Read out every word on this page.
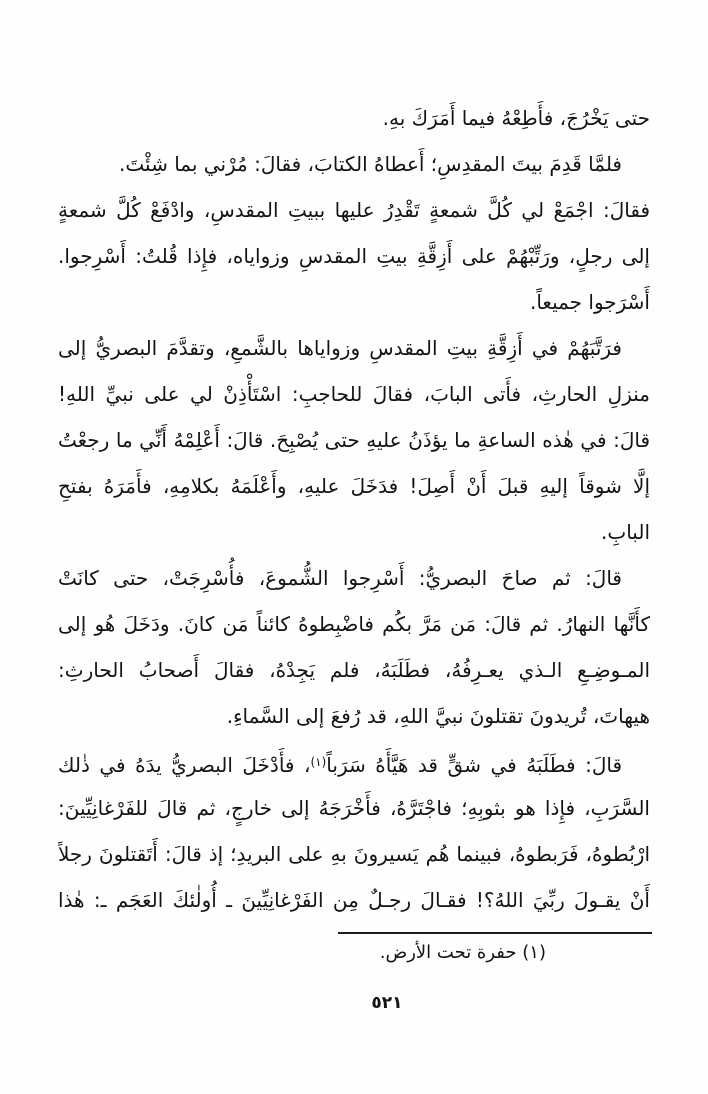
حتى يَخْرُجَ، فأَطِعْهُ فيما أَمَرَكَ بهِ.
فلمَّا قَدِمَ بيتَ المقدِسِ؛ أَعطاهُ الكتابَ، فقالَ: مُرْني بما شِئْتَ.
فقالَ: اجْمَعْ لي كُلَّ شمعةٍ تَقْدِرُ عليها ببيتِ المقدسِ، وادْفَعْ كُلَّ شمعةٍ
إلى رجلٍ، ورَتِّبْهُمْ على أَزِقَّةِ بيتِ المقدسِ وزواياه، فإِذا قُلتُ: أَسْرِجوا.
أَسْرَجوا جميعاً.
فرَتَّبَهُمْ في أَزِقَّةِ بيتِ المقدسِ وزواياها بالشَّمعِ، وتقدَّمَ البصريُّ إلى
منزلِ الحارثِ، فأَتى البابَ، فقالَ للحاجبِ: اسْتَأْذِنْ لي على نبيِّ اللهِ!
قالَ: في هٰذه الساعةِ ما يؤذَنُ عليهِ حتى يُصْبِحَ. قالَ: أَعْلِمْهُ أَنِّي ما رجعْتُ
إلَّا شوقاً إليهِ قبلَ أَنْ أَصِلَ! فدَخَلَ عليهِ، وأَعْلَمَهُ بكلامِهِ، فأَمَرَهُ بفتحِ
البابِ.
قالَ: ثم صاحَ البصريُّ: أَسْرِجوا الشُّموعَ، فأُسْرِجَتْ، حتى كانَتْ
كأَنَّها النهارُ. ثم قالَ: مَن مَرَّ بكُم فاضْبِطوهُ كائناً مَن كانَ. ودَخَلَ هُو إلى
المـوضِـعِ الـذي يعـرِفُهُ، فطَلَبَهُ، فلم يَجِدْهُ، فقالَ أَصحابُ الحارثِ:
هيهاتَ، تُريدونَ تقتلونَ نبيَّ اللهِ، قد رُفعَ إلى السَّماءِ.
قالَ: فطَلَبَهُ في شقٍّ قد هَيَّأَهُ سَرَباً$^{(١)}$، فأَدْخَلَ البصريُّ يدَهُ في ذٰلك
السَّرَبِ، فإِذا هو بثوبِهِ؛ فاجْتَرَّهُ، فأَخْرَجَهُ إلى خارجٍ، ثم قالَ للفَرْغانِيِّينَ:
ارْبُطوهُ، فَرَبطوهُ، فبينما هُم يَسيرونَ بهِ على البريدِ؛ إذ قالَ: أَتَقتلونَ رجلاً
أَنْ يقـولَ ربِّيَ اللهُ؟! فقـالَ رجـلٌ مِن الفَرْغانِيِّينَ ـ أُولٰئكَ العَجَم ـ: هٰذا
(١) حفرة تحت الأرض.
٥٢١
